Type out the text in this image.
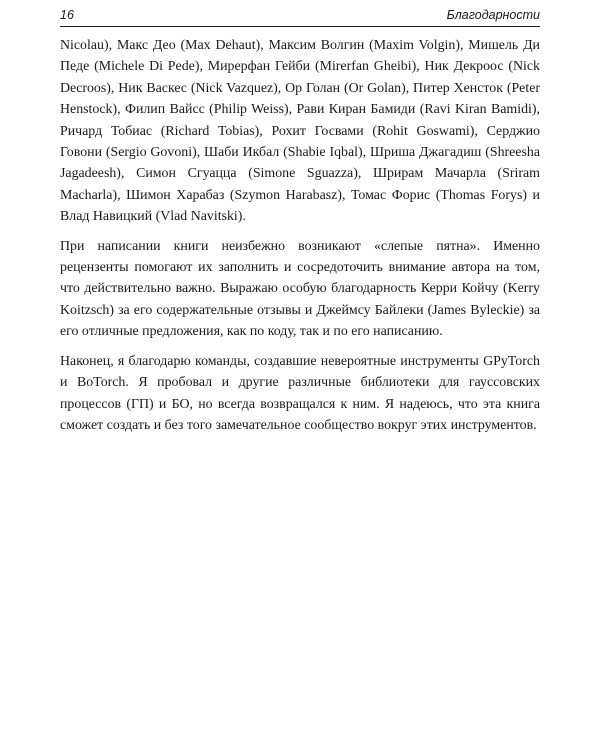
16	Благодарности

Nicolau), Макс Део (Max Dehaut), Максим Волгин (Maxim Volgin), Мишель Ди Педе (Michele Di Pede), Мирерфан Гейби (Mirerfan Gheibi), Ник Декроос (Nick Decroos), Ник Васкес (Nick Vazquez), Ор Голан (Or Golan), Питер Хенсток (Peter Henstock), Филип Вайсс (Philip Weiss), Рави Киран Бамиди (Ravi Kiran Bamidi), Ричард Тобиас (Richard Tobias), Рохит Госвами (Rohit Goswami), Серджио Говони (Sergio Govoni), Шаби Икбал (Shabie Iqbal), Шриша Джагадиш (Shreesha Jagadeesh), Симон Сгуацца (Simone Sguazza), Шрирам Мачарла (Sriram Macharla), Шимон Харабаз (Szymon Harabasz), Томас Форис (Thomas Forys) и Влад Навицкий (Vlad Navitski).

При написании книги неизбежно возникают «слепые пятна». Именно рецензенты помогают их заполнить и сосредоточить внимание автора на том, что действительно важно. Выражаю особую благодарность Керри Койчу (Kerry Koitzsch) за его содержательные отзывы и Джеймсу Байлеки (James Byleckie) за его отличные предложения, как по коду, так и по его написанию.

Наконец, я благодарю команды, создавшие невероятные инструменты GPyTorch и BoTorch. Я пробовал и другие различные библиотеки для гауссовских процессов (ГП) и БО, но всегда возвращался к ним. Я надеюсь, что эта книга сможет создать и без того замечательное сообщество вокруг этих инструментов.
